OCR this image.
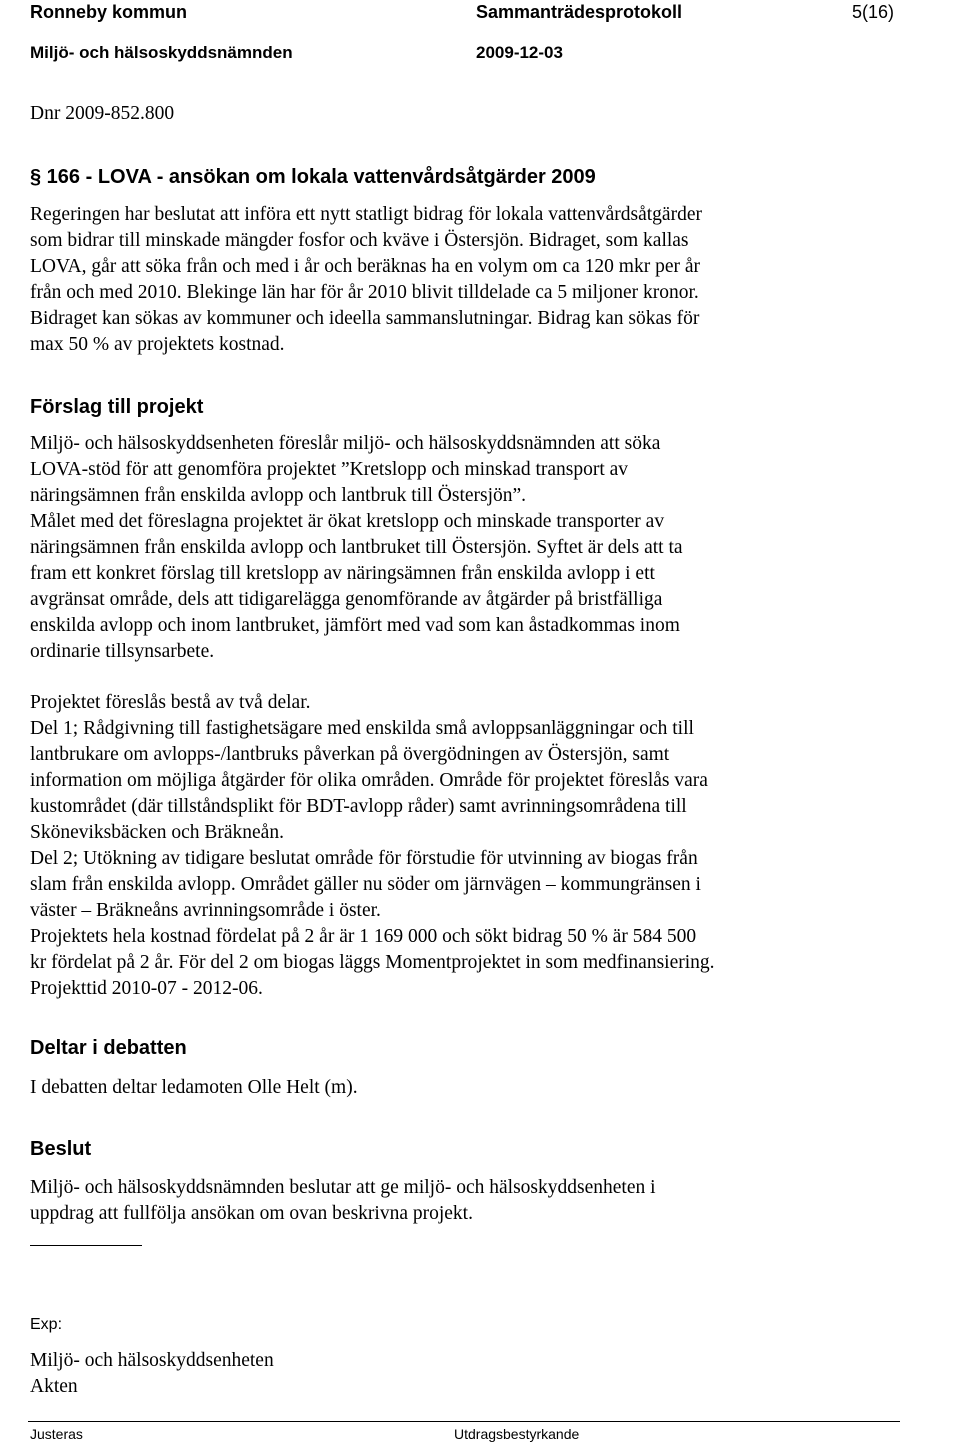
Ronneby kommun	Sammanträdesprotokoll	5(16)

Miljö- och hälsoskyddsnämnden	2009-12-03

Dnr 2009-852.800

§ 166 - LOVA - ansökan om lokala vattenvårdsåtgärder 2009

Regeringen har beslutat att införa ett nytt statligt bidrag för lokala vattenvårdsåtgärder
som bidrar till minskade mängder fosfor och kväve i Östersjön. Bidraget, som kallas
LOVA, går att söka från och med i år och beräknas ha en volym om ca 120 mkr per år
från och med 2010. Blekinge län har för år 2010 blivit tilldelade ca 5 miljoner kronor.
Bidraget kan sökas av kommuner och ideella sammanslutningar. Bidrag kan sökas för
max 50 % av projektets kostnad.

Förslag till projekt

Miljö- och hälsoskyddsenheten föreslår miljö- och hälsoskyddsnämnden att söka
LOVA-stöd för att genomföra projektet ”Kretslopp och minskad transport av
näringsämnen från enskilda avlopp och lantbruk till Östersjön”.
Målet med det föreslagna projektet är ökat kretslopp och minskade transporter av
näringsämnen från enskilda avlopp och lantbruket till Östersjön. Syftet är dels att ta
fram ett konkret förslag till kretslopp av näringsämnen från enskilda avlopp i ett
avgränsat område, dels att tidigarelägga genomförande av åtgärder på bristfälliga
enskilda avlopp och inom lantbruket, jämfört med vad som kan åstadkommas inom
ordinarie tillsynsarbete.
Projektet föreslås bestå av två delar.
Del 1; Rådgivning till fastighetsägare med enskilda små avloppsanläggningar och till
lantbrukare om avlopps-/lantbruks påverkan på övergödningen av Östersjön, samt
information om möjliga åtgärder för olika områden. Område för projektet föreslås vara
kustområdet (där tillståndsplikt för BDT-avlopp råder) samt avrinningsområdena till
Sköneviksbäcken och Bräkneån.
Del 2; Utökning av tidigare beslutat område för förstudie för utvinning av biogas från
slam från enskilda avlopp. Området gäller nu söder om järnvägen – kommungränsen i
väster – Bräkneåns avrinningsområde i öster.
Projektets hela kostnad fördelat på 2 år är 1 169 000 och sökt bidrag 50 % är 584 500
kr fördelat på 2 år. För del 2 om biogas läggs Momentprojektet in som medfinansiering.
Projekttid 2010-07 - 2012-06.

Deltar i debatten

I debatten deltar ledamoten Olle Helt (m).

Beslut

Miljö- och hälsoskyddsnämnden beslutar att ge miljö- och hälsoskyddsenheten i
uppdrag att fullfölja ansökan om ovan beskrivna projekt.

Exp:

Miljö- och hälsoskyddsenheten
Akten

Justeras	Utdragsbestyrkande
